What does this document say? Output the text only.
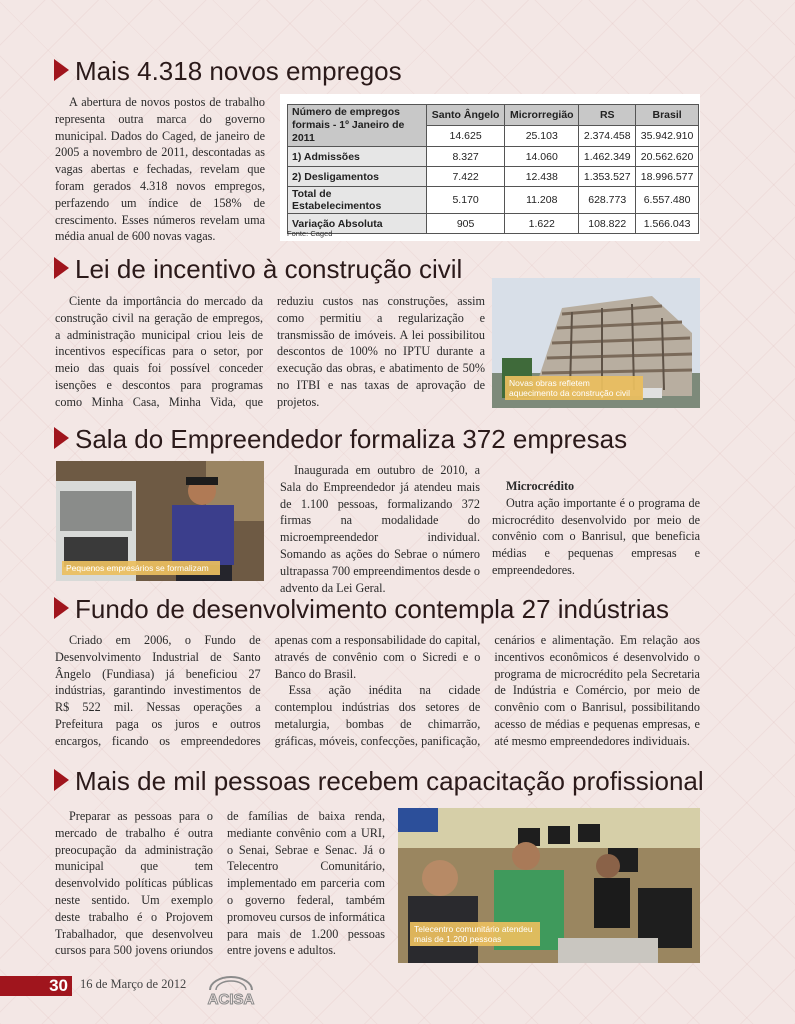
Mais 4.318 novos empregos

A abertura de novos postos de trabalho representa outra marca do governo municipal. Dados do Caged, de janeiro de 2005 a novembro de 2011, descontadas as vagas abertas e fechadas, revelam que foram gerados 4.318 novos empregos, perfazendo um índice de 158% de crescimento. Esses números revelam uma média anual de 600 novas vagas.

Número de empregos formais - 1º Janeiro de 2011	Santo Ângelo	Microrregião	RS	Brasil
	14.625	25.103	2.374.458	35.942.910
1) Admissões	8.327	14.060	1.462.349	20.562.620
2) Desligamentos	7.422	12.438	1.353.527	18.996.577
Total de Estabelecimentos	5.170	11.208	628.773	6.557.480
Variação Absoluta	905	1.622	108.822	1.566.043
Fonte: Caged
Lei de incentivo à construção civil

Ciente da importância do mercado da construção civil na geração de empregos, a administração municipal criou leis de incentivos específicas para o setor, por meio das quais foi possível conceder isenções e descontos para programas como Minha Casa, Minha Vida, que reduziu custos nas construções, assim como permitiu a regularização e transmissão de imóveis. A lei possibilitou descontos de 100% no IPTU durante a execução das obras, e abatimento de 50% no ITBI e nas taxas de aprovação de projetos.

Novas obras refletem aquecimento da construção civil
Sala do Empreendedor formaliza 372 empresas
Pequenos empresários se formalizam

Inaugurada em outubro de 2010, a Sala do Empreendedor já atendeu mais de 1.100 pessoas, formalizando 372 firmas na modalidade do microempreendedor individual. Somando as ações do Sebrae o número ultrapassa 700 empreendimentos desde o advento da Lei Geral.

Microcrédito

Outra ação importante é o programa de microcrédito desenvolvido por meio de convênio com o Banrisul, que beneficia médias e pequenas empresas e empreendedores.

Fundo de desenvolvimento contempla 27 indústrias

Criado em 2006, o Fundo de Desenvolvimento Industrial de Santo Ângelo (Fundiasa) já beneficiou 27 indústrias, garantindo investimentos de R$ 522 mil. Nessas operações a Prefeitura paga os juros e outros encargos, ficando os empreendedores apenas com a responsabilidade do capital, através de convênio com o Sicredi e o Banco do Brasil.

Essa ação inédita na cidade contemplou indústrias dos setores de metalurgia, bombas de chimarrão, gráficas, móveis, confecções, panificação, cenários e alimentação. Em relação aos incentivos econômicos é desenvolvido o programa de microcrédito pela Secretaria de Indústria e Comércio, por meio de convênio com o Banrisul, possibilitando acesso de médias e pequenas empresas, e até mesmo empreendedores individuais.

Mais de mil pessoas recebem capacitação profissional

Preparar as pessoas para o mercado de trabalho é outra preocupação da administração municipal que tem desenvolvido políticas públicas neste sentido. Um exemplo deste trabalho é o Projovem Trabalhador, que desenvolveu cursos para 500 jovens oriundos de famílias de baixa renda, mediante convênio com a URI, o Senai, Sebrae e Senac. Já o Telecentro Comunitário, implementado em parceria com o governo federal, também promoveu cursos de informática para mais de 1.200 pessoas entre jovens e adultos.

Telecentro comunitário atendeu mais de 1.200 pessoas
30 16 de Março de 2012
ACISA
